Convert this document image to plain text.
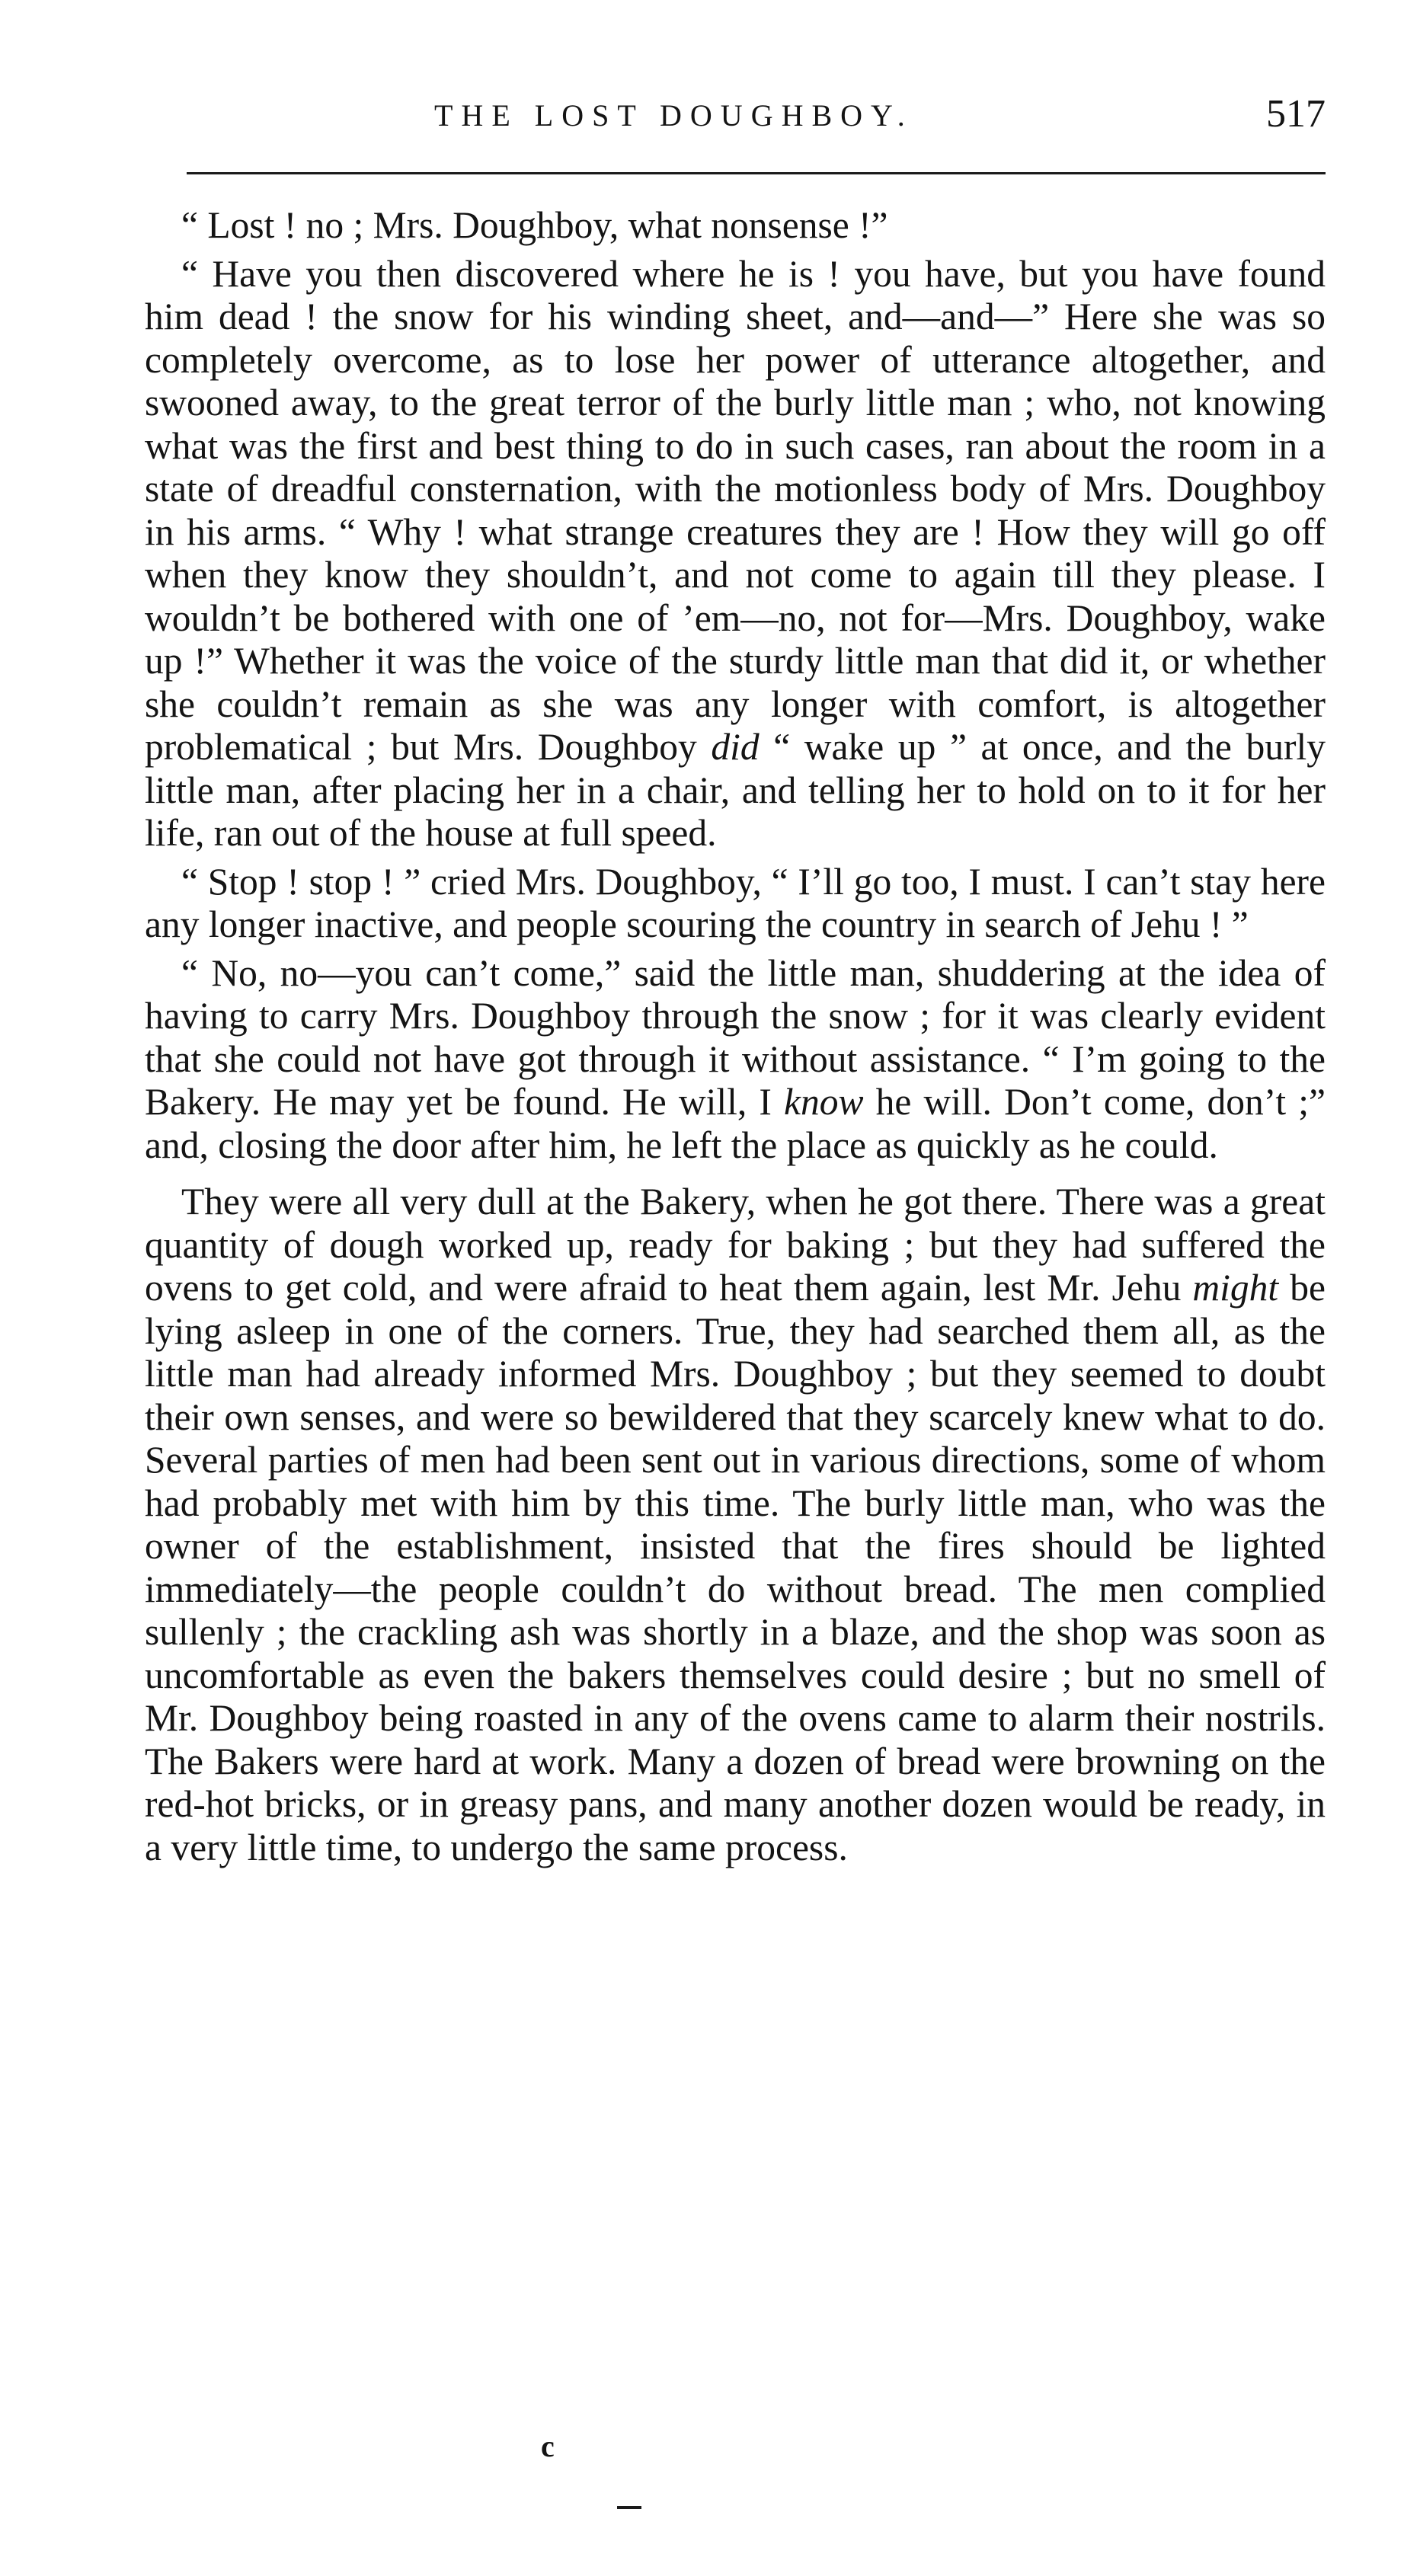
THE LOST DOUGHBOY.	517

“ Lost ! no ; Mrs. Doughboy, what nonsense !”

“ Have you then discovered where he is ! you have, but you have found him dead ! the snow for his winding sheet, and—and—” Here she was so completely overcome, as to lose her power of utterance altogether, and swooned away, to the great terror of the burly little man ; who, not knowing what was the first and best thing to do in such cases, ran about the room in a state of dreadful consternation, with the motionless body of Mrs. Doughboy in his arms. “ Why ! what strange creatures they are ! How they will go off when they know they shouldn’t, and not come to again till they please. I wouldn’t be bothered with one of ’em—no, not for—Mrs. Doughboy, wake up !” Whether it was the voice of the sturdy little man that did it, or whether she couldn’t remain as she was any longer with comfort, is altogether problematical ; but Mrs. Doughboy did “ wake up ” at once, and the burly little man, after placing her in a chair, and telling her to hold on to it for her life, ran out of the house at full speed.

“ Stop ! stop ! ” cried Mrs. Doughboy, “ I’ll go too, I must. I can’t stay here any longer inactive, and people scouring the country in search of Jehu ! ”

“ No, no—you can’t come,” said the little man, shuddering at the idea of having to carry Mrs. Doughboy through the snow ; for it was clearly evident that she could not have got through it without assistance. “ I’m going to the Bakery. He may yet be found. He will, I know he will. Don’t come, don’t ;” and, closing the door after him, he left the place as quickly as he could.

They were all very dull at the Bakery, when he got there. There was a great quantity of dough worked up, ready for baking ; but they had suffered the ovens to get cold, and were afraid to heat them again, lest Mr. Jehu might be lying asleep in one of the corners. True, they had searched them all, as the little man had already informed Mrs. Doughboy ; but they seemed to doubt their own senses, and were so bewildered that they scarcely knew what to do. Several parties of men had been sent out in various directions, some of whom had probably met with him by this time. The burly little man, who was the owner of the establishment, insisted that the fires should be lighted immediately—the people couldn’t do without bread. The men complied sullenly ; the crackling ash was shortly in a blaze, and the shop was soon as uncomfortable as even the bakers themselves could desire ; but no smell of Mr. Doughboy being roasted in any of the ovens came to alarm their nostrils. The Bakers were hard at work. Many a dozen of bread were browning on the red-hot bricks, or in greasy pans, and many another dozen would be ready, in a very little time, to undergo the same process.

c
